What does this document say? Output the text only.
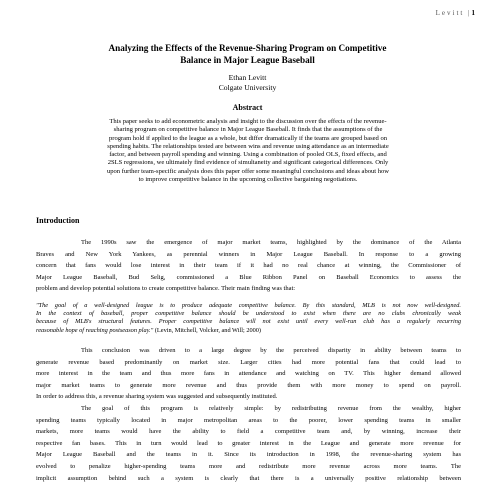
Levitt |1
Analyzing the Effects of the Revenue-Sharing Program on Competitive
Balance in Major League Baseball
Ethan Levitt
Colgate University
Abstract
This paper seeks to add econometric analysis and insight to the discussion over the effects of the revenue-
sharing program on competitive balance in Major League Baseball. It finds that the assumptions of the
program hold if applied to the league as a whole, but differ dramatically if the teams are grouped based on
spending habits. The relationships tested are between wins and revenue using attendance as an intermediate
factor, and between payroll spending and winning. Using a combination of pooled OLS, fixed effects, and
2SLS regressions, we ultimately find evidence of simultaneity and significant categorical differences. Only
upon further team-specific analysis does this paper offer some meaningful conclusions and ideas about how
to improve competitive balance in the upcoming collective bargaining negotiations.
Introduction
The 1990s saw the emergence of major market teams, highlighted by the dominance of the Atlanta
Braves and New York Yankees, as perennial winners in Major League Baseball. In response to a growing
concern that fans would lose interest in their team if it had no real chance at winning, the Commissioner of
Major League Baseball, Bud Selig, commissioned a Blue Ribbon Panel on Baseball Economics to assess the
problem and develop potential solutions to create competitive balance. Their main finding was that:
"The goal of a well-designed league is to produce adequate competitive balance. By this standard, MLB is not now well-designed.
In the context of baseball, proper competitive balance should be understood to exist when there are no clubs chronically weak
because of MLB's structural features. Proper competitive balance will not exist until every well-run club has a regularly recurring
reasonable hope of reaching postseason play." (Levin, Mitchell, Volcker, and Will; 2000)
This conclusion was driven to a large degree by the perceived disparity in ability between teams to
generate revenue based predominantly on market size. Larger cities had more potential fans that could lead to
more interest in the team and thus more fans in attendance and watching on TV. This higher demand allowed
major market teams to generate more revenue and thus provide them with more money to spend on payroll.
In order to address this, a revenue sharing system was suggested and subsequently instituted.
The goal of this program is relatively simple: by redistributing revenue from the wealthy, higher
spending teams typically located in major metropolitan areas to the poorer, lower spending teams in smaller
markets, more teams would have the ability to field a competitive team and, by winning, increase their
respective fan bases. This in turn would lead to greater interest in the League and generate more revenue for
Major League Baseball and the teams in it. Since its introduction in 1998, the revenue-sharing system has
evolved to penalize higher-spending teams more and redistribute more revenue across more teams. The
implicit assumption behind such a system is clearly that there is a universally positive relationship between
